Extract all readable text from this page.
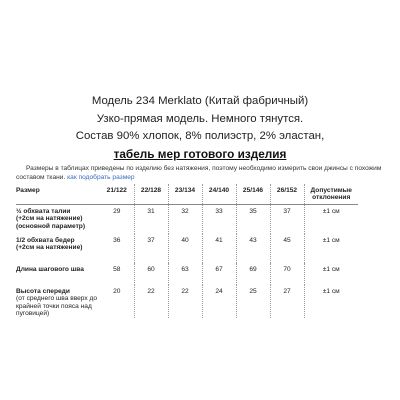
Модель 234 Merklato (Китай фабричный)
Узко-прямая модель. Немного тянутся.
Состав 90% хлопок, 8% полиэстр, 2% эластан,
табель мер готового изделия
Размеры в таблицах приведены по изделию без натяжения, поэтому необходимо измерить свои джинсы с похожим составом ткани. как подобрать размер
Размер	21/122	22/128	23/134	24/140	25/146	26/152	Допустимые
отклонения

½ обхвата талии
(+2см на натяжение)
(основной параметр)	29	31	32	33	35	37	±1 см

1/2 обхвата бедер
(+2см на натяжение)	36	37	40	41	43	45	±1 см

Длина шагового шва	58	60	63	67	69	70	±1 см

Высота спереди
(от среднего шва вверх до
крайней точки пояса над
пуговицей)	20	22	22	24	25	27	±1 см
